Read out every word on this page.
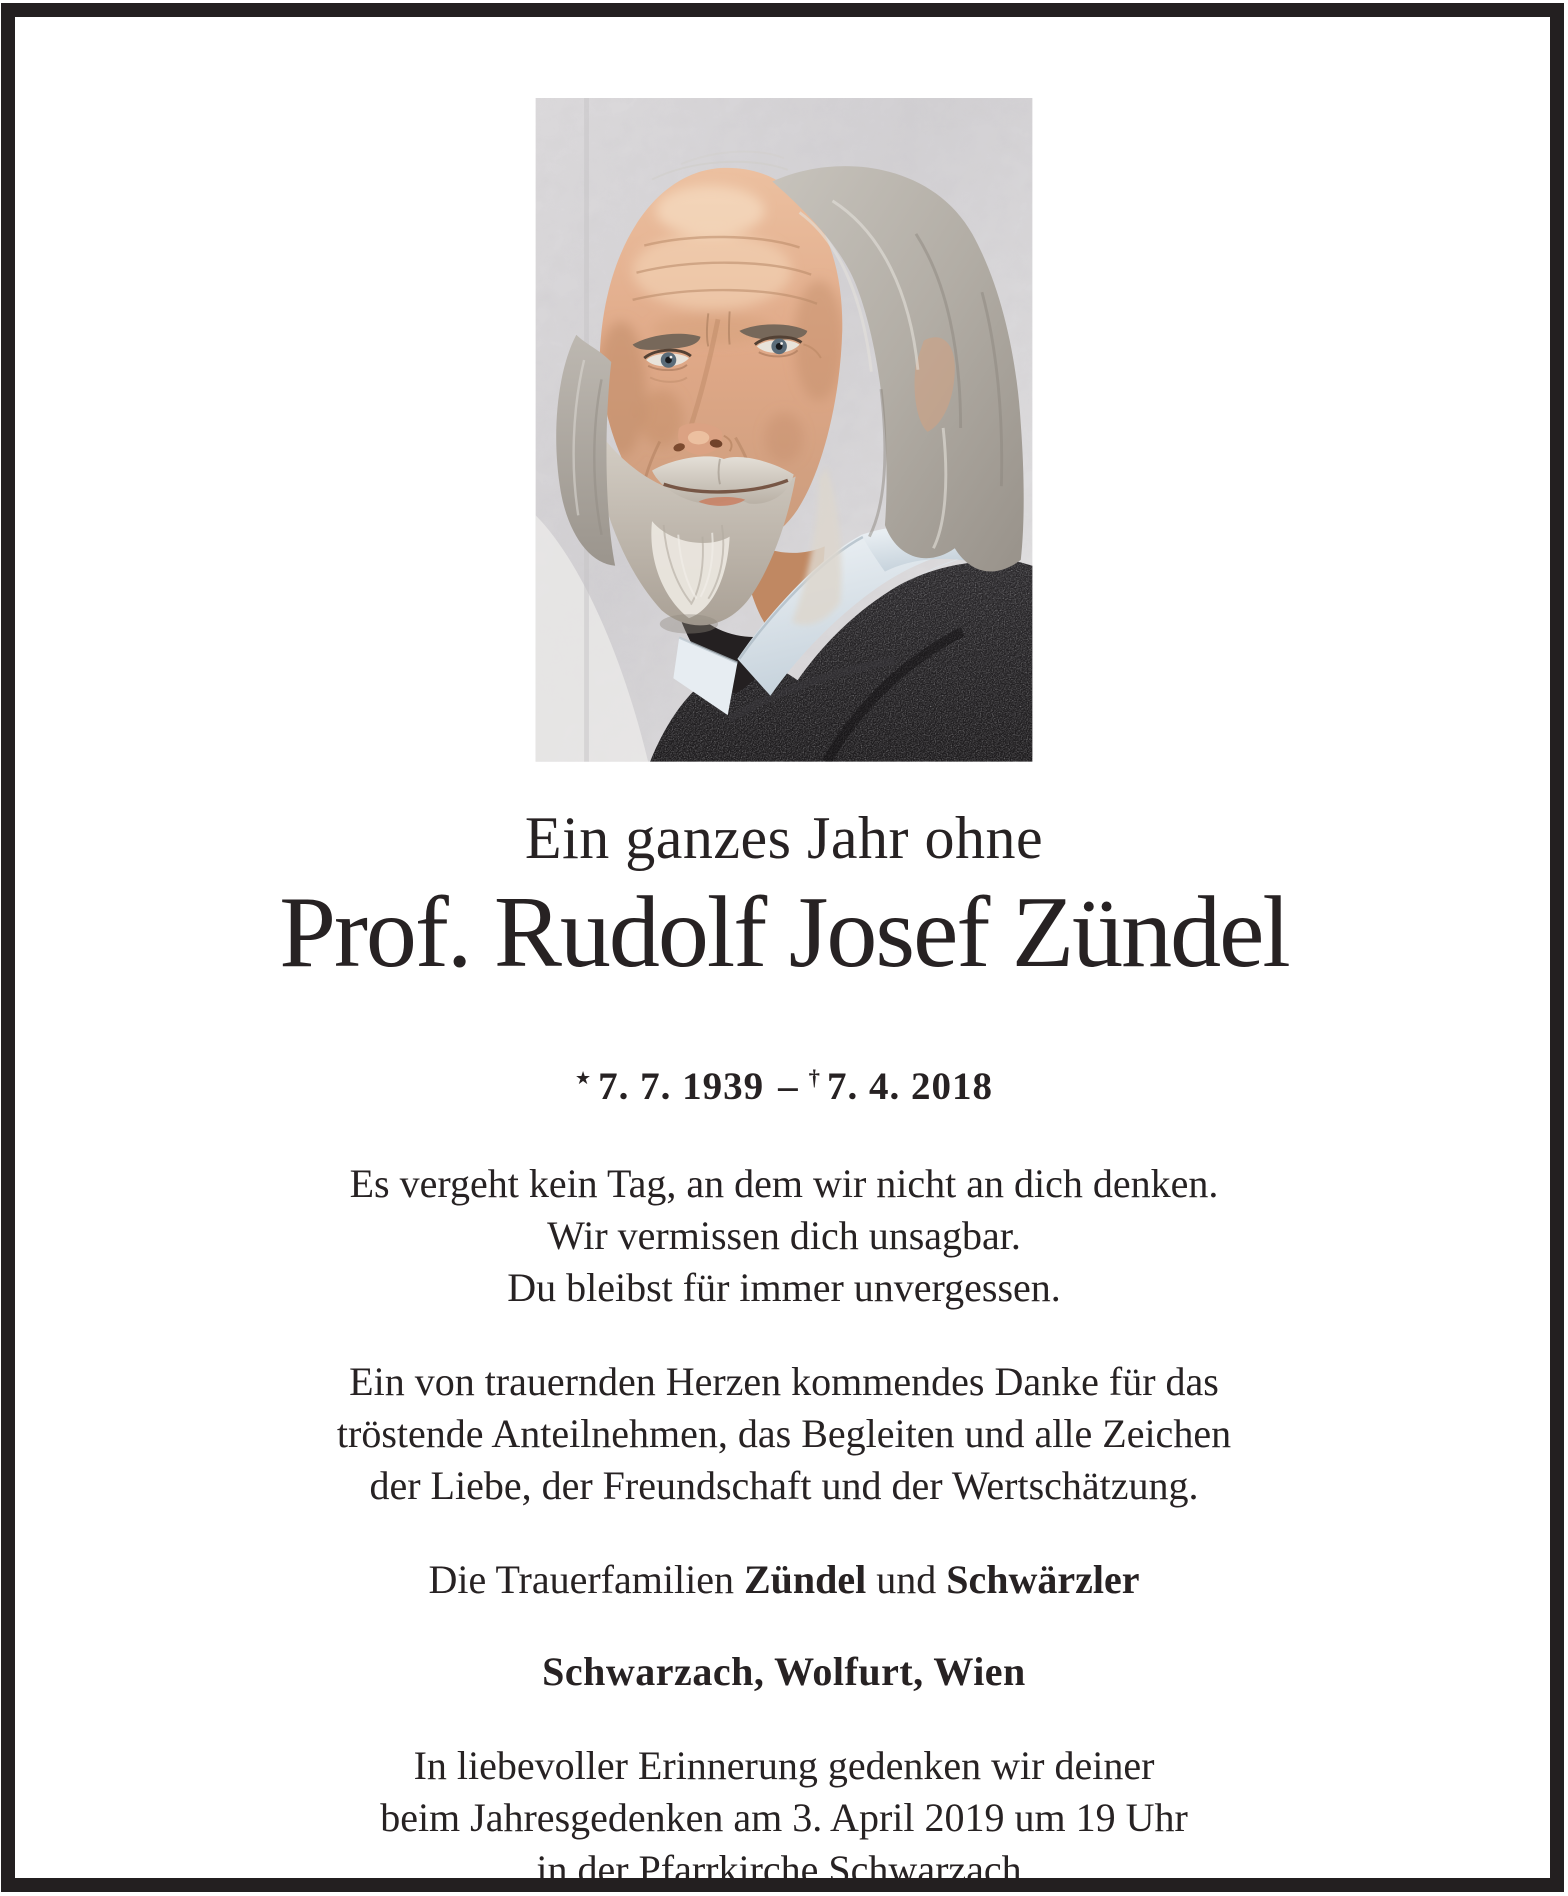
Ein ganzes Jahr ohne
Prof. Rudolf Josef Zündel
★ 7. 7. 1939 – † 7. 4. 2018

Es vergeht kein Tag, an dem wir nicht an dich denken.

Wir vermissen dich unsagbar.

Du bleibst für immer unvergessen.

Ein von trauernden Herzen kommendes Danke für das

tröstende Anteilnehmen, das Begleiten und alle Zeichen

der Liebe, der Freundschaft und der Wertschätzung.

Die Trauerfamilien Zündel und Schwärzler
Schwarzach, Wolfurt, Wien

In liebevoller Erinnerung gedenken wir deiner

beim Jahresgedenken am 3. April 2019 um 19 Uhr

in der Pfarrkirche Schwarzach.
